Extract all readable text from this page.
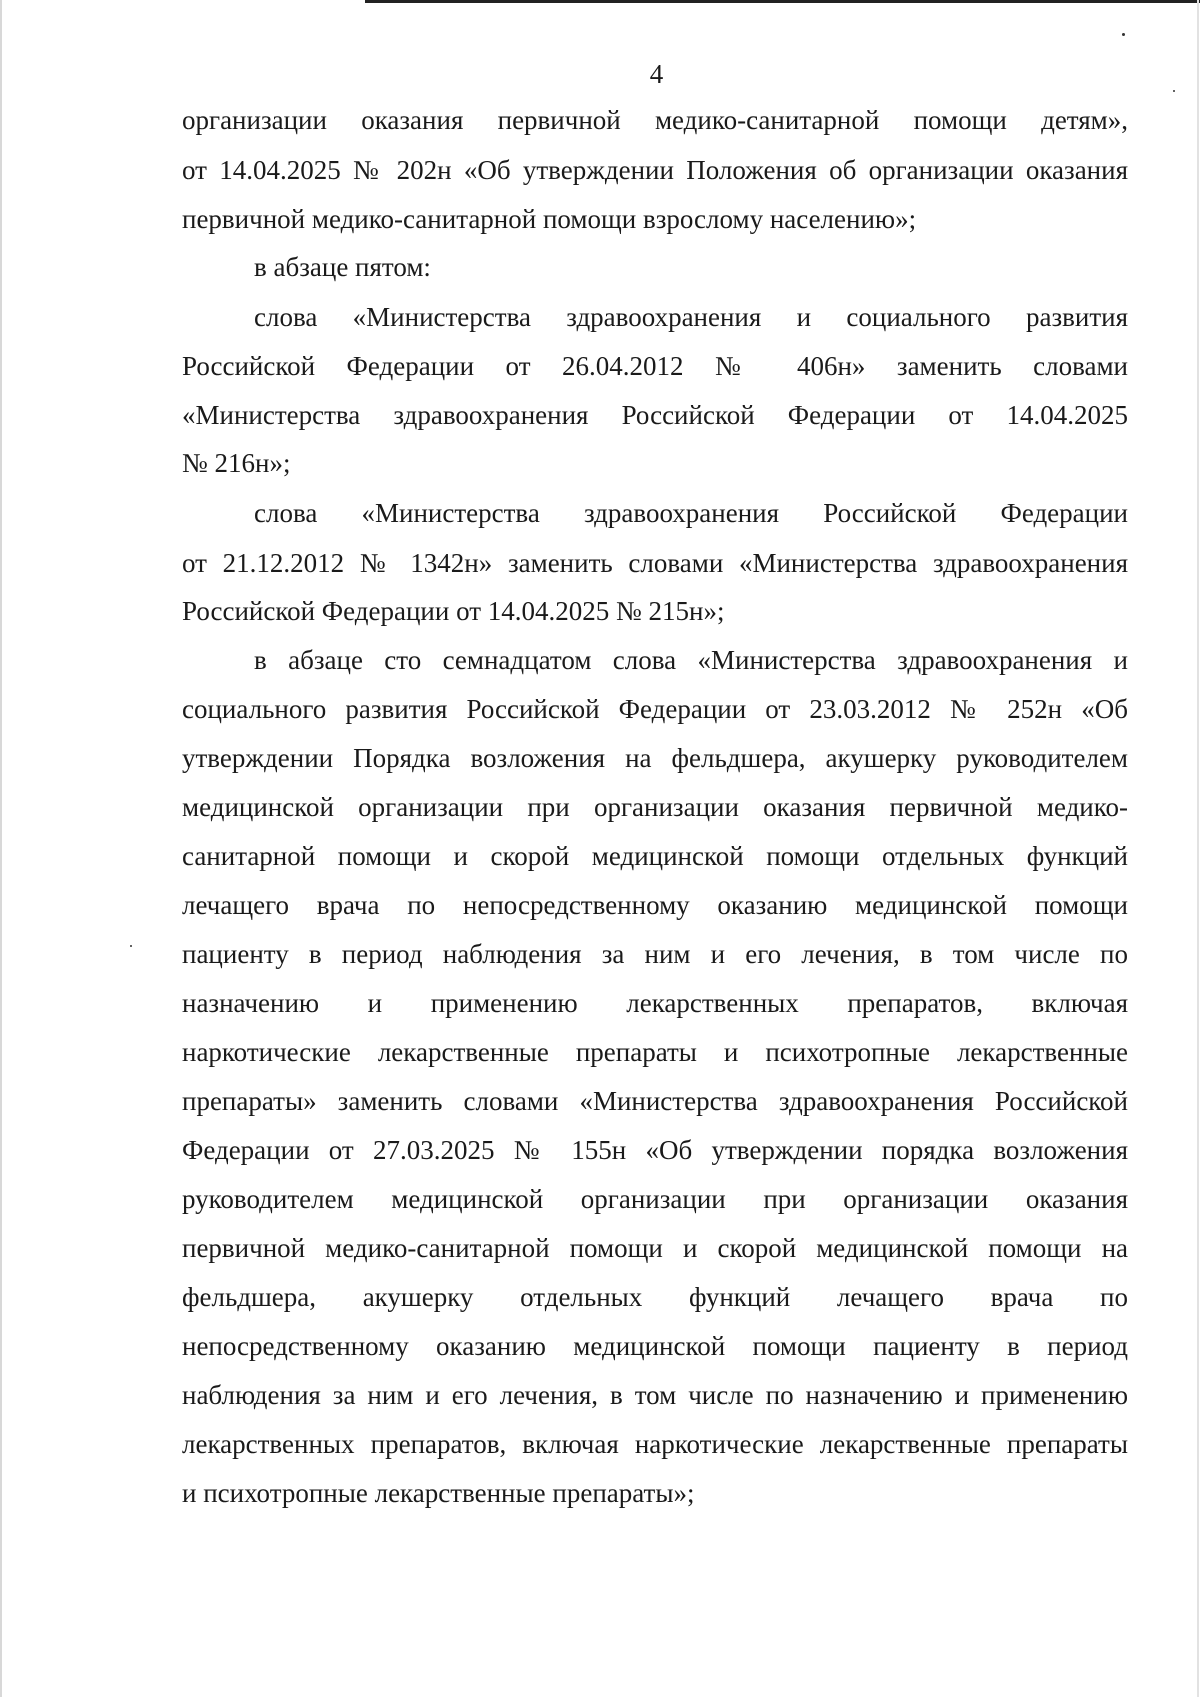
4
организации оказания первичной медико-санитарной помощи детям»,
от 14.04.2025 № 202н «Об утверждении Положения об организации оказания
первичной медико-санитарной помощи взрослому населению»;
в абзаце пятом:
слова «Министерства здравоохранения и социального развития
Российской Федерации от 26.04.2012 № 406н» заменить словами
«Министерства здравоохранения Российской Федерации от 14.04.2025
№ 216н»;
слова «Министерства здравоохранения Российской Федерации
от 21.12.2012 № 1342н» заменить словами «Министерства здравоохранения
Российской Федерации от 14.04.2025 № 215н»;
в абзаце сто семнадцатом слова «Министерства здравоохранения и
социального развития Российской Федерации от 23.03.2012 № 252н «Об
утверждении Порядка возложения на фельдшера, акушерку руководителем
медицинской организации при организации оказания первичной медико-
санитарной помощи и скорой медицинской помощи отдельных функций
лечащего врача по непосредственному оказанию медицинской помощи
пациенту в период наблюдения за ним и его лечения, в том числе по
назначению и применению лекарственных препаратов, включая
наркотические лекарственные препараты и психотропные лекарственные
препараты» заменить словами «Министерства здравоохранения Российской
Федерации от 27.03.2025 № 155н «Об утверждении порядка возложения
руководителем медицинской организации при организации оказания
первичной медико-санитарной помощи и скорой медицинской помощи на
фельдшера, акушерку отдельных функций лечащего врача по
непосредственному оказанию медицинской помощи пациенту в период
наблюдения за ним и его лечения, в том числе по назначению и применению
лекарственных препаратов, включая наркотические лекарственные препараты
и психотропные лекарственные препараты»;
